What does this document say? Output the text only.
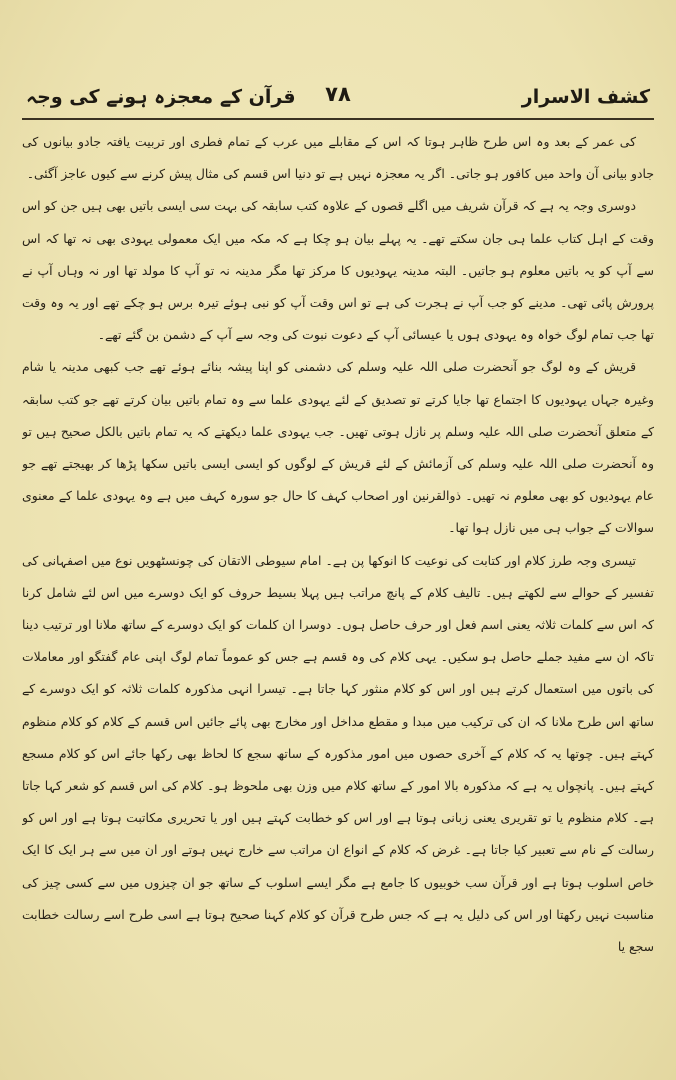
کشف الاسرار
۷۸
قرآن کے معجزہ ہونے کی وجہ

کی عمر کے بعد وہ اس طرح ظاہر ہوتا کہ اس کے مقابلے میں عرب کے تمام فطری اور تربیت یافتہ جادو بیانوں کی جادو بیانی آن واحد میں کافور ہو جاتی۔ اگر یہ معجزہ نہیں ہے تو دنیا اس قسم کی مثال پیش کرنے سے کیوں عاجز آگئی۔

دوسری وجہ یہ ہے کہ قرآن شریف میں اگلے قصوں کے علاوہ کتب سابقہ کی بہت سی ایسی باتیں بھی ہیں جن کو اس وقت کے اہل کتاب علما ہی جان سکتے تھے۔ یہ پہلے بیان ہو چکا ہے کہ مکہ میں ایک معمولی یہودی بھی نہ تھا کہ اس سے آپ کو یہ باتیں معلوم ہو جاتیں۔ البتہ مدینہ یہودیوں کا مرکز تھا مگر مدینہ نہ تو آپ کا مولد تھا اور نہ وہاں آپ نے پرورش پائی تھی۔ مدینے کو جب آپ نے ہجرت کی ہے تو اس وقت آپ کو نبی ہوئے تیرہ برس ہو چکے تھے اور یہ وہ وقت تھا جب تمام لوگ خواہ وہ یہودی ہوں یا عیسائی آپ کے دعوت نبوت کی وجہ سے آپ کے دشمن بن گئے تھے۔

قریش کے وہ لوگ جو آنحضرت صلی اللہ علیہ وسلم کی دشمنی کو اپنا پیشہ بنائے ہوئے تھے جب کبھی مدینہ یا شام وغیرہ جہاں یہودیوں کا اجتماع تھا جایا کرتے تو تصدیق کے لئے یہودی علما سے وہ تمام باتیں بیان کرتے تھے جو کتب سابقہ کے متعلق آنحضرت صلی اللہ علیہ وسلم پر نازل ہوتی تھیں۔ جب یہودی علما دیکھتے کہ یہ تمام باتیں بالکل صحیح ہیں تو وہ آنحضرت صلی اللہ علیہ وسلم کی آزمائش کے لئے قریش کے لوگوں کو ایسی ایسی باتیں سکھا پڑھا کر بھیجتے تھے جو عام یہودیوں کو بھی معلوم نہ تھیں۔ ذوالقرنین اور اصحاب کہف کا حال جو سورہ کہف میں ہے وہ یہودی علما کے معنوی سوالات کے جواب ہی میں نازل ہوا تھا۔

تیسری وجہ طرز کلام اور کتابت کی نوعیت کا انوکھا پن ہے۔ امام سیوطی الاتقان کی چونسٹھویں نوع میں اصفہانی کی تفسیر کے حوالے سے لکھتے ہیں۔ تالیف کلام کے پانچ مراتب ہیں پہلا بسیط حروف کو ایک دوسرے میں اس لئے شامل کرنا کہ اس سے کلمات ثلاثہ یعنی اسم فعل اور حرف حاصل ہوں۔ دوسرا ان کلمات کو ایک دوسرے کے ساتھ ملانا اور ترتیب دینا تاکہ ان سے مفید جملے حاصل ہو سکیں۔ یہی کلام کی وہ قسم ہے جس کو عموماً تمام لوگ اپنی عام گفتگو اور معاملات کی باتوں میں استعمال کرتے ہیں اور اس کو کلام منثور کہا جاتا ہے۔ تیسرا انہی مذکورہ کلمات ثلاثہ کو ایک دوسرے کے ساتھ اس طرح ملانا کہ ان کی ترکیب میں مبدا و مقطع مداخل اور مخارج بھی پائے جائیں اس قسم کے کلام کو کلام منظوم کہتے ہیں۔ چوتھا یہ کہ کلام کے آخری حصوں میں امور مذکورہ کے ساتھ سجع کا لحاظ بھی رکھا جائے اس کو کلام مسجع کہتے ہیں۔ پانچواں یہ ہے کہ مذکورہ بالا امور کے ساتھ کلام میں وزن بھی ملحوظ ہو۔ کلام کی اس قسم کو شعر کہا جاتا ہے۔ کلام منظوم یا تو تقریری یعنی زبانی ہوتا ہے اور اس کو خطابت کہتے ہیں اور یا تحریری مکاتبت ہوتا ہے اور اس کو رسالت کے نام سے تعبیر کیا جاتا ہے۔ غرض کہ کلام کے انواع ان مراتب سے خارج نہیں ہوتے اور ان میں سے ہر ایک کا ایک خاص اسلوب ہوتا ہے اور قرآن سب خوبیوں کا جامع ہے مگر ایسے اسلوب کے ساتھ جو ان چیزوں میں سے کسی چیز کی مناسبت نہیں رکھتا اور اس کی دلیل یہ ہے کہ جس طرح قرآن کو کلام کہنا صحیح ہوتا ہے اسی طرح اسے رسالت خطابت سجع یا
